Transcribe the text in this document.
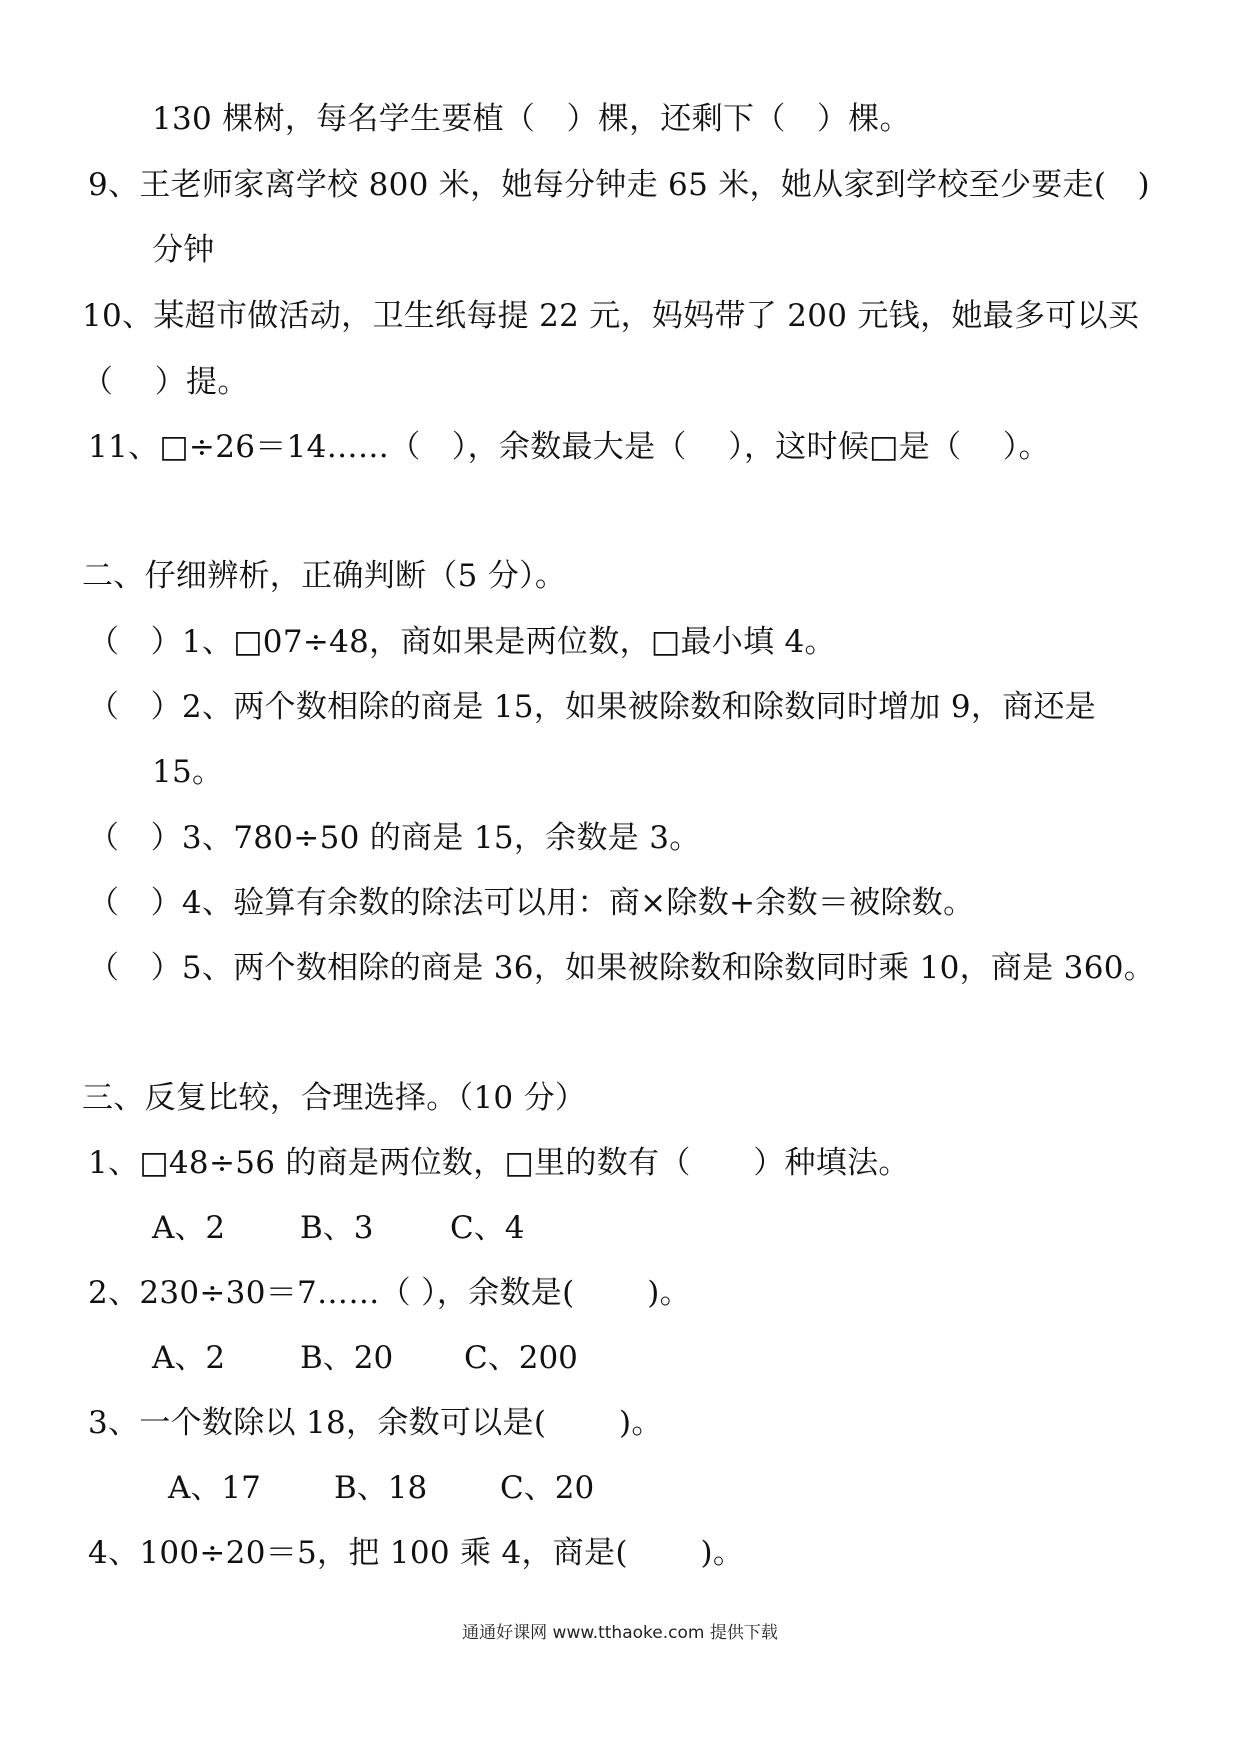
130 棵树，每名学生要植（　）棵，还剩下（　）棵。
9、王老师家离学校 800 米，她每分钟走 65 米，她从家到学校至少要走(　)
分钟
10、某超市做活动，卫生纸每提 22 元，妈妈带了 200 元钱，她最多可以买
（　 ）提。
11、□÷26＝14……（　），余数最大是（　 ），这时候□是（　 ）。
二、仔细辨析，正确判断（5 分）。
（　）1、□07÷48，商如果是两位数，□最小填 4。
（　）2、两个数相除的商是 15，如果被除数和除数同时增加 9，商还是
15。
（　）3、780÷50 的商是 15，余数是 3。
（　）4、验算有余数的除法可以用：商×除数+余数＝被除数。
（　）5、两个数相除的商是 36，如果被除数和除数同时乘 10，商是 360。
三、反复比较，合理选择。（10 分）
1、□48÷56 的商是两位数，□里的数有（　　）种填法。
A、2 B、3 C、4
2、230÷30＝7……（ ），余数是(　　 )。
A、2 B、20 C、200
3、一个数除以 18，余数可以是(　　 )。
A、17 B、18 C、20
4、100÷20＝5，把 100 乘 4，商是(　　 )。
通通好课网 www.tthaoke.com 提供下载
